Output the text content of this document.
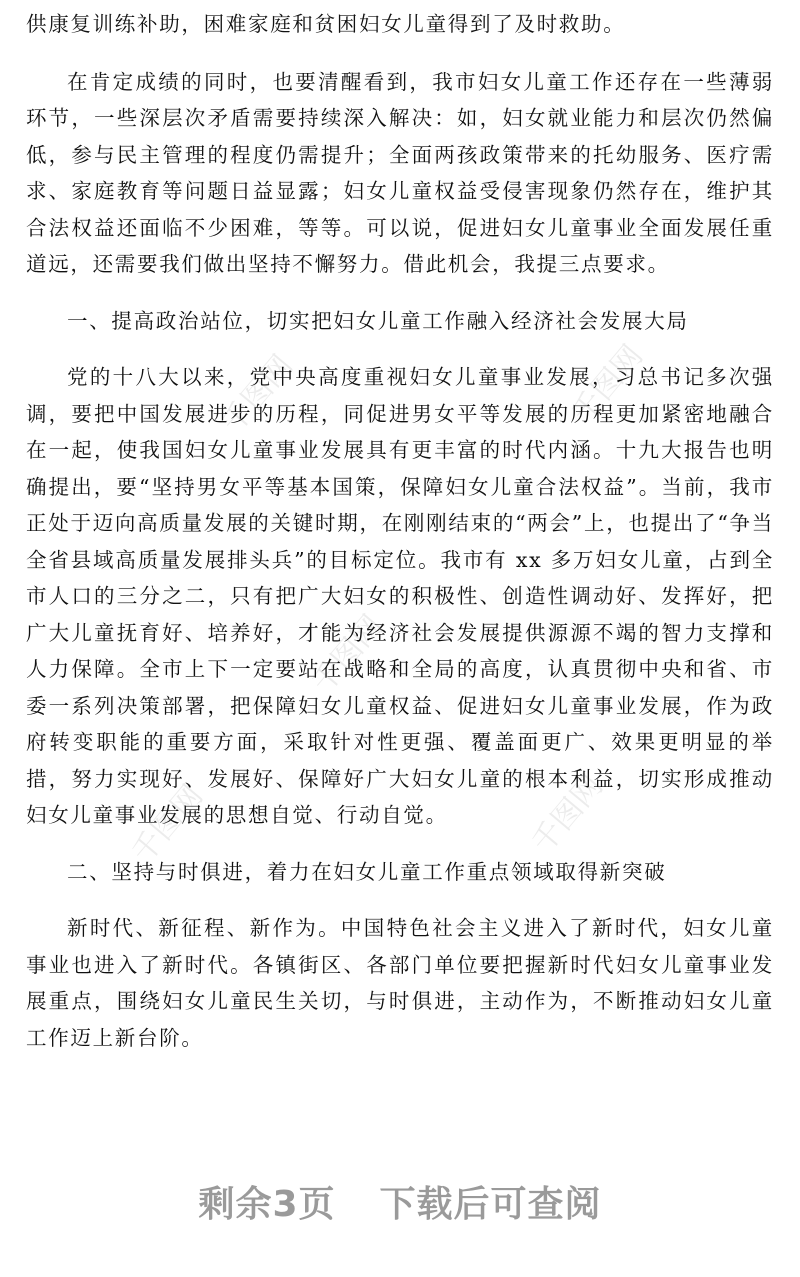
千图网	千图网
千图网
千图网
千图网

供康复训练补助，困难家庭和贫困妇女儿童得到了及时救助。

在肯定成绩的同时，也要清醒看到，我市妇女儿童工作还存在一些薄弱环节，一些深层次矛盾需要持续深入解决：如，妇女就业能力和层次仍然偏低，参与民主管理的程度仍需提升；全面两孩政策带来的托幼服务、医疗需求、家庭教育等问题日益显露；妇女儿童权益受侵害现象仍然存在，维护其合法权益还面临不少困难，等等。可以说，促进妇女儿童事业全面发展任重道远，还需要我们做出坚持不懈努力。借此机会，我提三点要求。

一、提高政治站位，切实把妇女儿童工作融入经济社会发展大局

党的十八大以来，党中央高度重视妇女儿童事业发展，习总书记多次强调，要把中国发展进步的历程，同促进男女平等发展的历程更加紧密地融合在一起，使我国妇女儿童事业发展具有更丰富的时代内涵。十九大报告也明确提出，要“坚持男女平等基本国策，保障妇女儿童合法权益”。当前，我市正处于迈向高质量发展的关键时期，在刚刚结束的“两会”上，也提出了“争当全省县域高质量发展排头兵”的目标定位。我市有 xx 多万妇女儿童，占到全市人口的三分之二，只有把广大妇女的积极性、创造性调动好、发挥好，把广大儿童抚育好、培养好，才能为经济社会发展提供源源不竭的智力支撑和人力保障。全市上下一定要站在战略和全局的高度，认真贯彻中央和省、市委一系列决策部署，把保障妇女儿童权益、促进妇女儿童事业发展，作为政府转变职能的重要方面，采取针对性更强、覆盖面更广、效果更明显的举措，努力实现好、发展好、保障好广大妇女儿童的根本利益，切实形成推动妇女儿童事业发展的思想自觉、行动自觉。

二、坚持与时俱进，着力在妇女儿童工作重点领域取得新突破

新时代、新征程、新作为。中国特色社会主义进入了新时代，妇女儿童事业也进入了新时代。各镇街区、各部门单位要把握新时代妇女儿童事业发展重点，围绕妇女儿童民生关切，与时俱进，主动作为，不断推动妇女儿童工作迈上新台阶。

剩余3页 下载后可查阅
